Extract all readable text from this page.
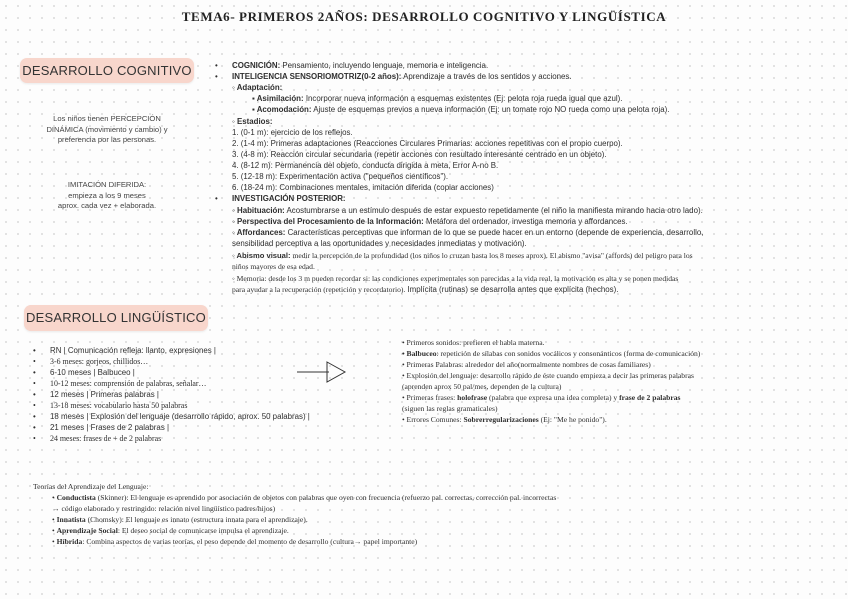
TEMA6- PRIMEROS 2AÑOS: DESARROLLO COGNITIVO Y LINGÜÍSTICA
DESARROLLO COGNITIVO
DESARROLLO LINGÜÍSTICO
Los niños tienen PERCEPCIÓN
DINÁMICA (movimiento y cambio) y
preferencia por las personas.
IMITACIÓN DIFERIDA:
empieza a los 9 meses
aprox. cada vez + elaborada.
• COGNICIÓN: Pensamiento, incluyendo lenguaje, memoria e inteligencia.
• INTELIGENCIA SENSORIOMOTRIZ(0-2 años): Aprendizaje a través de los sentidos y acciones.
◦ Adaptación:
▪ Asimilación: Incorporar nueva información a esquemas existentes (Ej: pelota roja rueda igual que azul).
▪ Acomodación: Ajuste de esquemas previos a nueva información (Ej: un tomate rojo NO rueda como una pelota roja).
◦ Estadios:
1. (0-1 m): ejercicio de los reflejos.
2. (1-4 m): Primeras adaptaciones (Reacciones Circulares Primarias: acciones repetitivas con el propio cuerpo).
3. (4-8 m): Reacción circular secundaria (repetir acciones con resultado interesante centrado en un objeto).
4. (8-12 m): Permanencia del objeto, conducta dirigida a meta, Error A-no B.
5. (12-18 m): Experimentación activa ("pequeños científicos").
6. (18-24 m): Combinaciones mentales, imitación diferida (copiar acciones)
• INVESTIGACIÓN POSTERIOR:
◦ Habituación: Acostumbrarse a un estímulo después de estar expuesto repetidamente (el niño la manifiesta mirando hacia otro lado).
◦ Perspectiva del Procesamiento de la Información: Metáfora del ordenador, investiga memoria y affordances.
◦ Affordances: Características perceptivas que informan de lo que se puede hacer en un entorno (depende de experiencia, desarrollo,
sensibilidad perceptiva a las oportunidades y necesidades inmediatas y motivación).
◦ Abismo visual: medir la percepción de la profundidad (los niños lo cruzan hasta los 8 meses aprox). El abismo "avisa" (affords) del peligro para los
niños mayores de esa edad.
◦ Memoria: desde los 3 m pueden recordar si: las condiciones experimentales son parecidas a la vida real, la motivación es alta y se ponen medidas
para ayudar a la recuperación (repetición y recordatorio). Implícita (rutinas) se desarrolla antes que explícita (hechos).
• RN | Comunicación refleja: llanto, expresiones |
• 3-6 meses: gorjeos, chillidos…
• 6-10 meses | Balbuceo |
• 10-12 meses: comprensión de palabras, señalar…
• 12 meses | Primeras palabras |
• 13-18 meses: vocabulario hasta 50 palabras
• 18 meses | Explosión del lenguaje (desarrollo rápido, aprox. 50 palabras) |
• 21 meses | Frases de 2 palabras |
• 24 meses: frases de + de 2 palabras
• Primeros sonidos: prefieren el habla materna.
• Balbuceo: repetición de sílabas con sonidos vocálicos y consonánticos (forma de comunicación)
• Primeras Palabras: alrededor del año(normalmente nombres de cosas familiares)
• Explosión del lenguaje: desarrollo rápido de éste cuando empieza a decir las primeras palabras
(aprenden aprox 50 pal/mes, dependen de la cultura)
• Primeras frases: holofrase (palabra que expresa una idea completa) y frase de 2 palabras
(siguen las reglas gramaticales)
• Errores Comunes: Sobrerregularizaciones (Ej: "Me he ponido").
Teorías del Aprendizaje del Lenguaje:
• Conductista (Skinner): El lenguaje es aprendido por asociación de objetos con palabras que oyen con frecuencia (refuerzo pal. correctas, corrección pal. incorrectas
→ código elaborado y restringido: relación nivel lingüístico padres/hijos)
• Innatista (Chomsky): El lenguaje es innato (estructura innata para el aprendizaje).
• Aprendizaje Social: El deseo social de comunicarse impulsa el aprendizaje.
• Híbrida: Combina aspectos de varias teorías, el peso depende del momento de desarrollo (cultura→ papel importante)
